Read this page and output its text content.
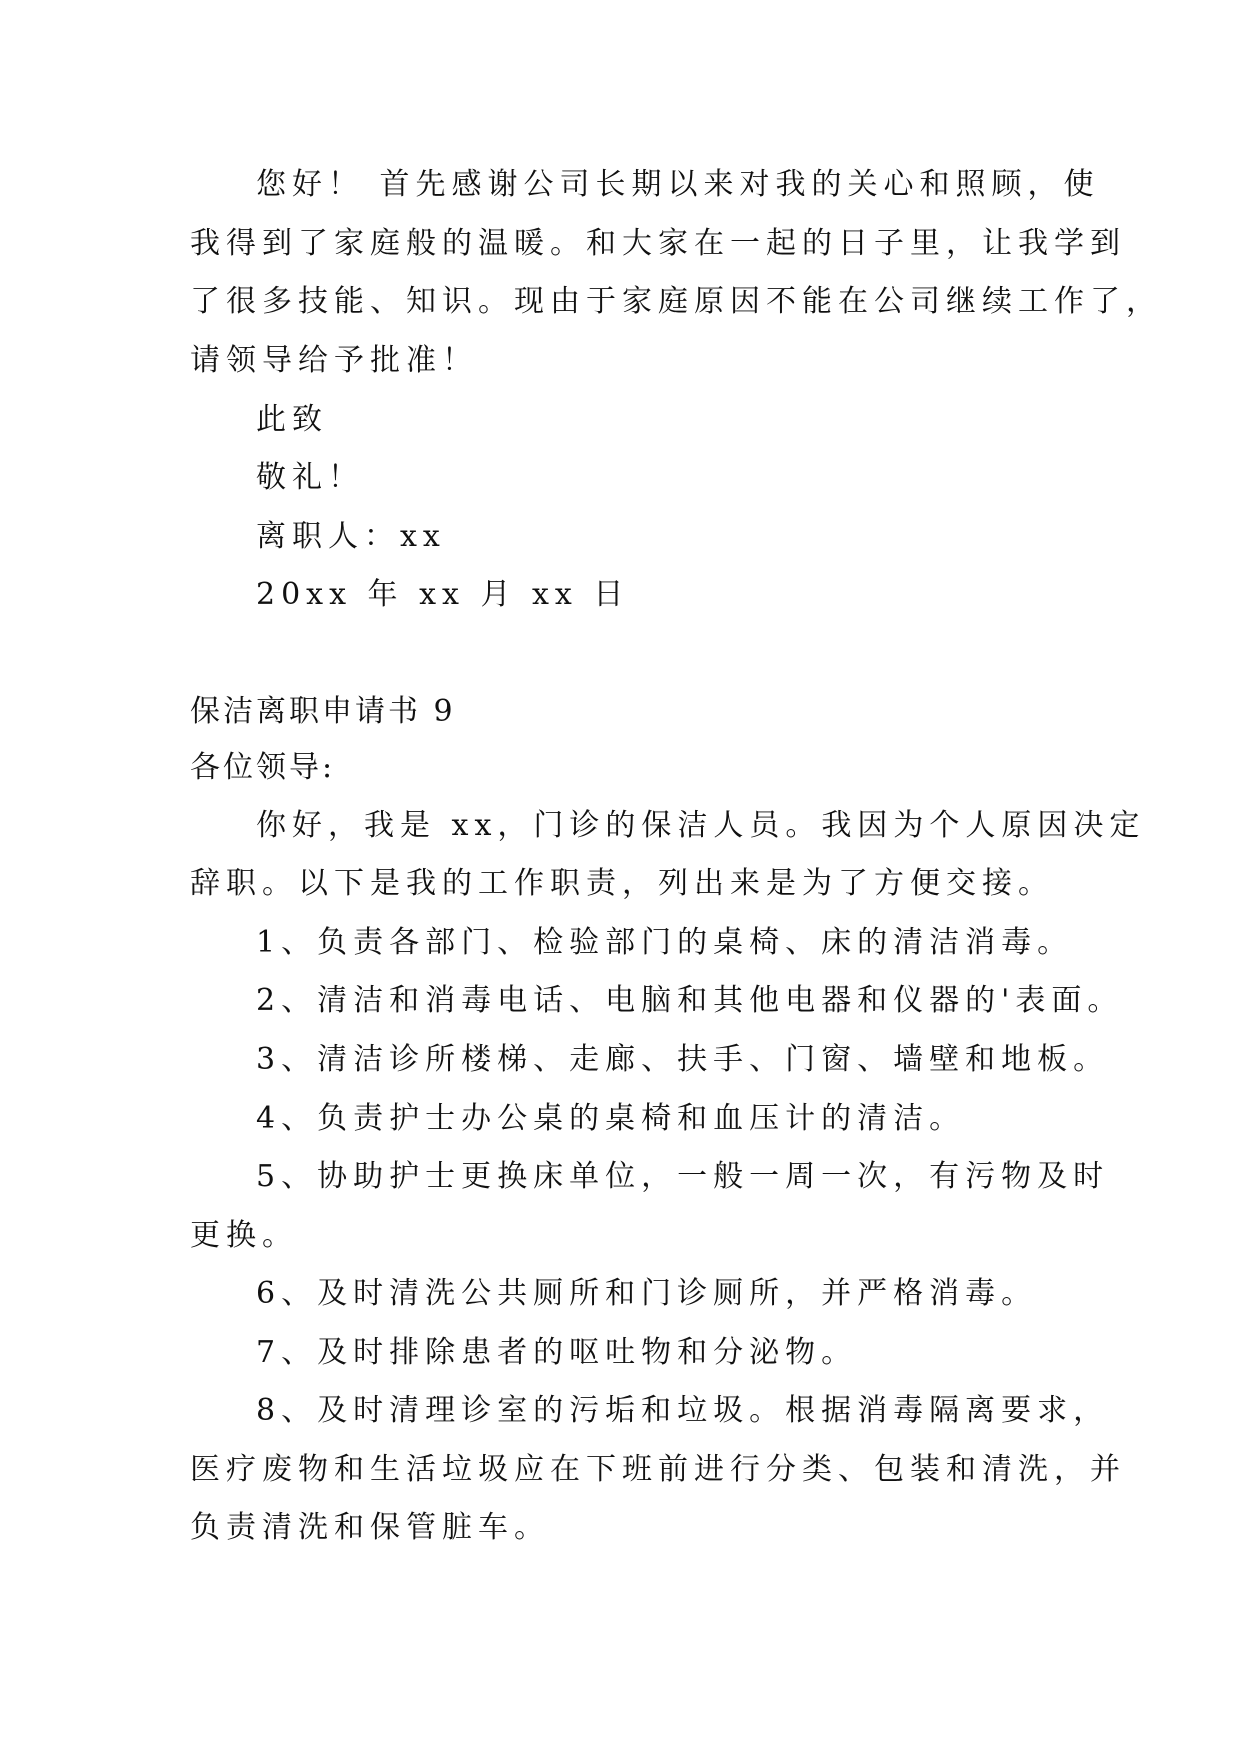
您好！ 首先感谢公司长期以来对我的关心和照顾，使
我得到了家庭般的温暖。和大家在一起的日子里，让我学到
了很多技能、知识。现由于家庭原因不能在公司继续工作了，
请领导给予批准！
此致
敬礼！
离职人：xx
20xx 年 xx 月 xx 日
保洁离职申请书 9
各位领导:
你好，我是 xx，门诊的保洁人员。我因为个人原因决定
辞职。以下是我的工作职责，列出来是为了方便交接。
1、负责各部门、检验部门的桌椅、床的清洁消毒。
2、清洁和消毒电话、电脑和其他电器和仪器的'表面。
3、清洁诊所楼梯、走廊、扶手、门窗、墙壁和地板。
4、负责护士办公桌的桌椅和血压计的清洁。
5、协助护士更换床单位，一般一周一次，有污物及时
更换。
6、及时清洗公共厕所和门诊厕所，并严格消毒。
7、及时排除患者的呕吐物和分泌物。
8、及时清理诊室的污垢和垃圾。根据消毒隔离要求，
医疗废物和生活垃圾应在下班前进行分类、包装和清洗，并
负责清洗和保管脏车。
